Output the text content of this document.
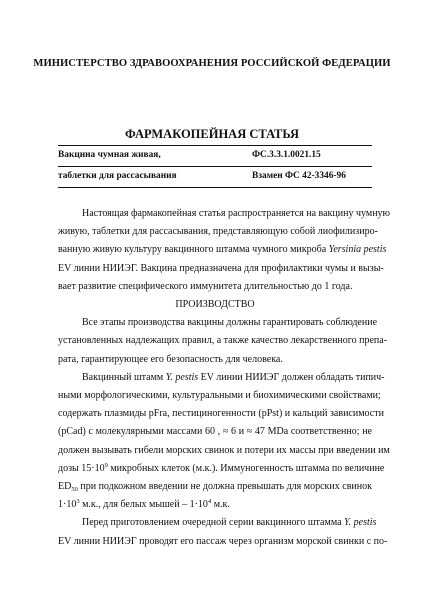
МИНИСТЕРСТВО ЗДРАВООХРАНЕНИЯ РОССИЙСКОЙ ФЕДЕРАЦИИ
ФАРМАКОПЕЙНАЯ СТАТЬЯ
Вакцина чумная живая,	ФС.3.3.1.0021.15
таблетки для рассасывания	Взамен ФС 42-3346-96

Настоящая фармакопейная статья распространяется на вакцину чумную

живую, таблетки для рассасывания, представляющую собой лиофилизиро-

ванную живую культуру вакцинного штамма чумного микроба Yersinia pestis

EV линии НИИЭГ. Вакцина предназначена для профилактики чумы и вызы-

вает развитие специфического иммунитета длительностью до 1 года.

ПРОИЗВОДСТВО

Все этапы производства вакцины должны гарантировать соблюдение

установленных надлежащих правил, а также качество лекарственного препа-

рата, гарантирующее его безопасность для человека.

Вакцинный штамм Y. pestis EV линии НИИЭГ должен обладать типич-

ными морфологическими, культуральными и биохимическими свойствами;

содержать плазмиды pFra, пестициногенности (pPst) и кальций зависимости

(pCad) с молекулярными массами 60 , ≈ 6 и ≈ 47 MDa соответственно; не

должен вызывать гибели морских свинок и потери их массы при введении им

дозы $15\cdot 10^9$ микробных клеток (м.к.). Иммуногенность штамма по величине

$ED_{50}$ при подкожном введении не должна превышать для морских свинок

$1\cdot 10^3$ м.к., для белых мышей – $1\cdot 10^4$ м.к.

Перед приготовлением очередной серии вакцинного штамма Y. pestis

EV линии НИИЭГ проводят его пассаж через организм морской свинки с по-
